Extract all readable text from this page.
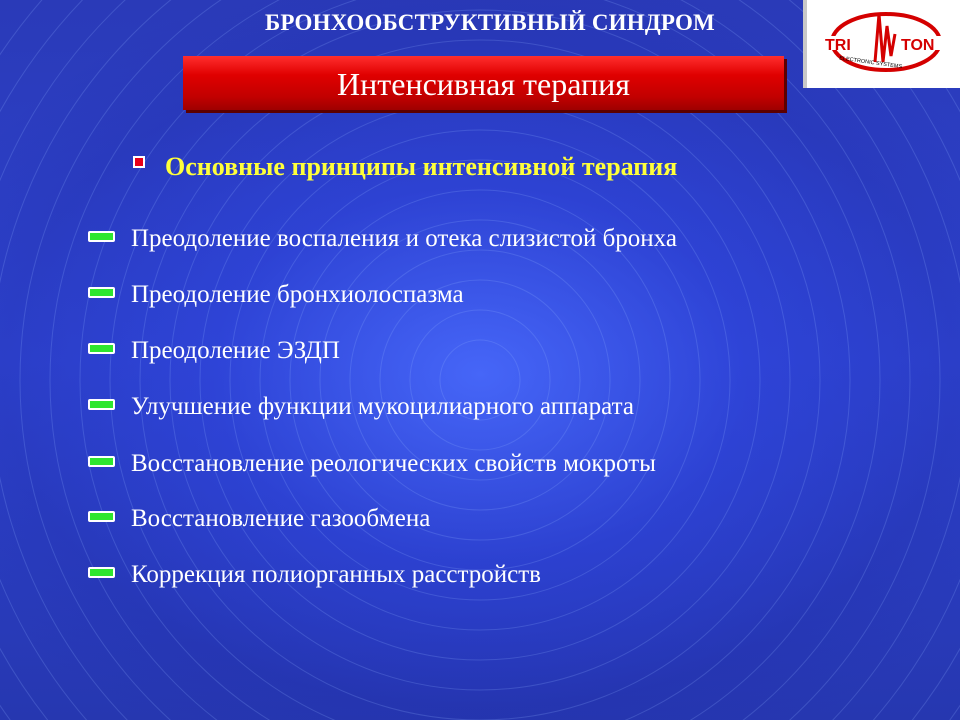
БРОНХООБСТРУКТИВНЫЙ СИНДРОМ
TRI	TON
ELECTRONIC SYSTEMS
Интенсивная терапия
Основные принципы интенсивной терапия
Преодоление воспаления и отека слизистой бронха
Преодоление бронхиолоспазма
Преодоление ЭЗДП
Улучшение функции мукоцилиарного аппарата
Восстановление реологических свойств мокроты
Восстановление газообмена
Коррекция полиорганных расстройств
